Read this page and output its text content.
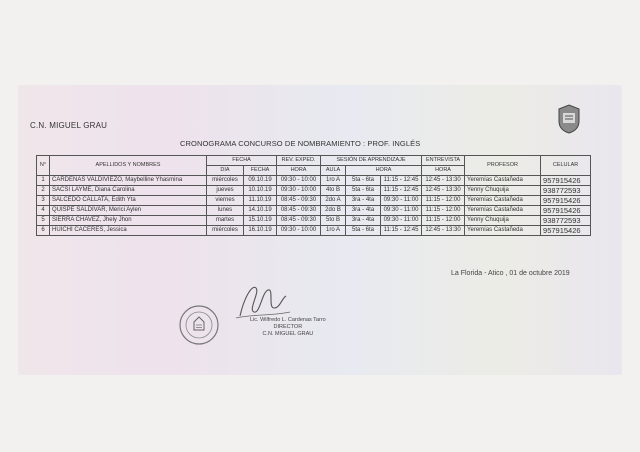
C.N. MIGUEL GRAU
CRONOGRAMA CONCURSO DE NOMBRAMIENTO : PROF. INGLÉS
N°	APELLIDOS Y NOMBRES	FECHA		REV. EXPED.	SESIÓN DE APRENDIZAJE			ENTREVISTA	PROFESOR	CELULAR
		DIA	FECHA	HORA	AULA	HORA		HORA		
1	CARDENAS VALDIVIEZO, Maybelline Yhasmina	miércoles	09.10.19	09:30 - 10:00	1ro A	5ta - 6ta	11:15 - 12:45	12:45 - 13:30	Yeremías Castañeda	957915426
2	SACSI LAYME, Diana Carolina	jueves	10.10.19	09:30 - 10:00	4to B	5ta - 6ta	11:15 - 12:45	12:45 - 13:30	Yenny Chuquija	938772593
3	SALCEDO CALLATA, Edith Yta	viernes	11.10.19	08:45 - 09:30	2do A	3ra - 4ta	09:30 - 11:00	11:15 - 12:00	Yeremías Castañeda	957915426
4	QUISPE SALDIVAR, Merici Aylen	lunes	14.10.19	08:45 - 09:30	2do B	3ra - 4ta	09:30 - 11:00	11:15 - 12:00	Yeremías Castañeda	957915426
5	SIERRA CHAVEZ, Jhely Jhon	martes	15.10.19	08:45 - 09:30	5to B	3ra - 4ta	09:30 - 11:00	11:15 - 12:00	Yenny Chuquija	938772593
6	HUICHI CACERES, Jessica	miércoles	16.10.19	09:30 - 10:00	1ro A	5ta - 6ta	11:15 - 12:45	12:45 - 13:30	Yeremías Castañeda	957915426
La Florida - Atico , 01 de octubre 2019
Lic. Wilfredo L. Cardenas Tarro
DIRECTOR
C.N. MIGUEL GRAU
